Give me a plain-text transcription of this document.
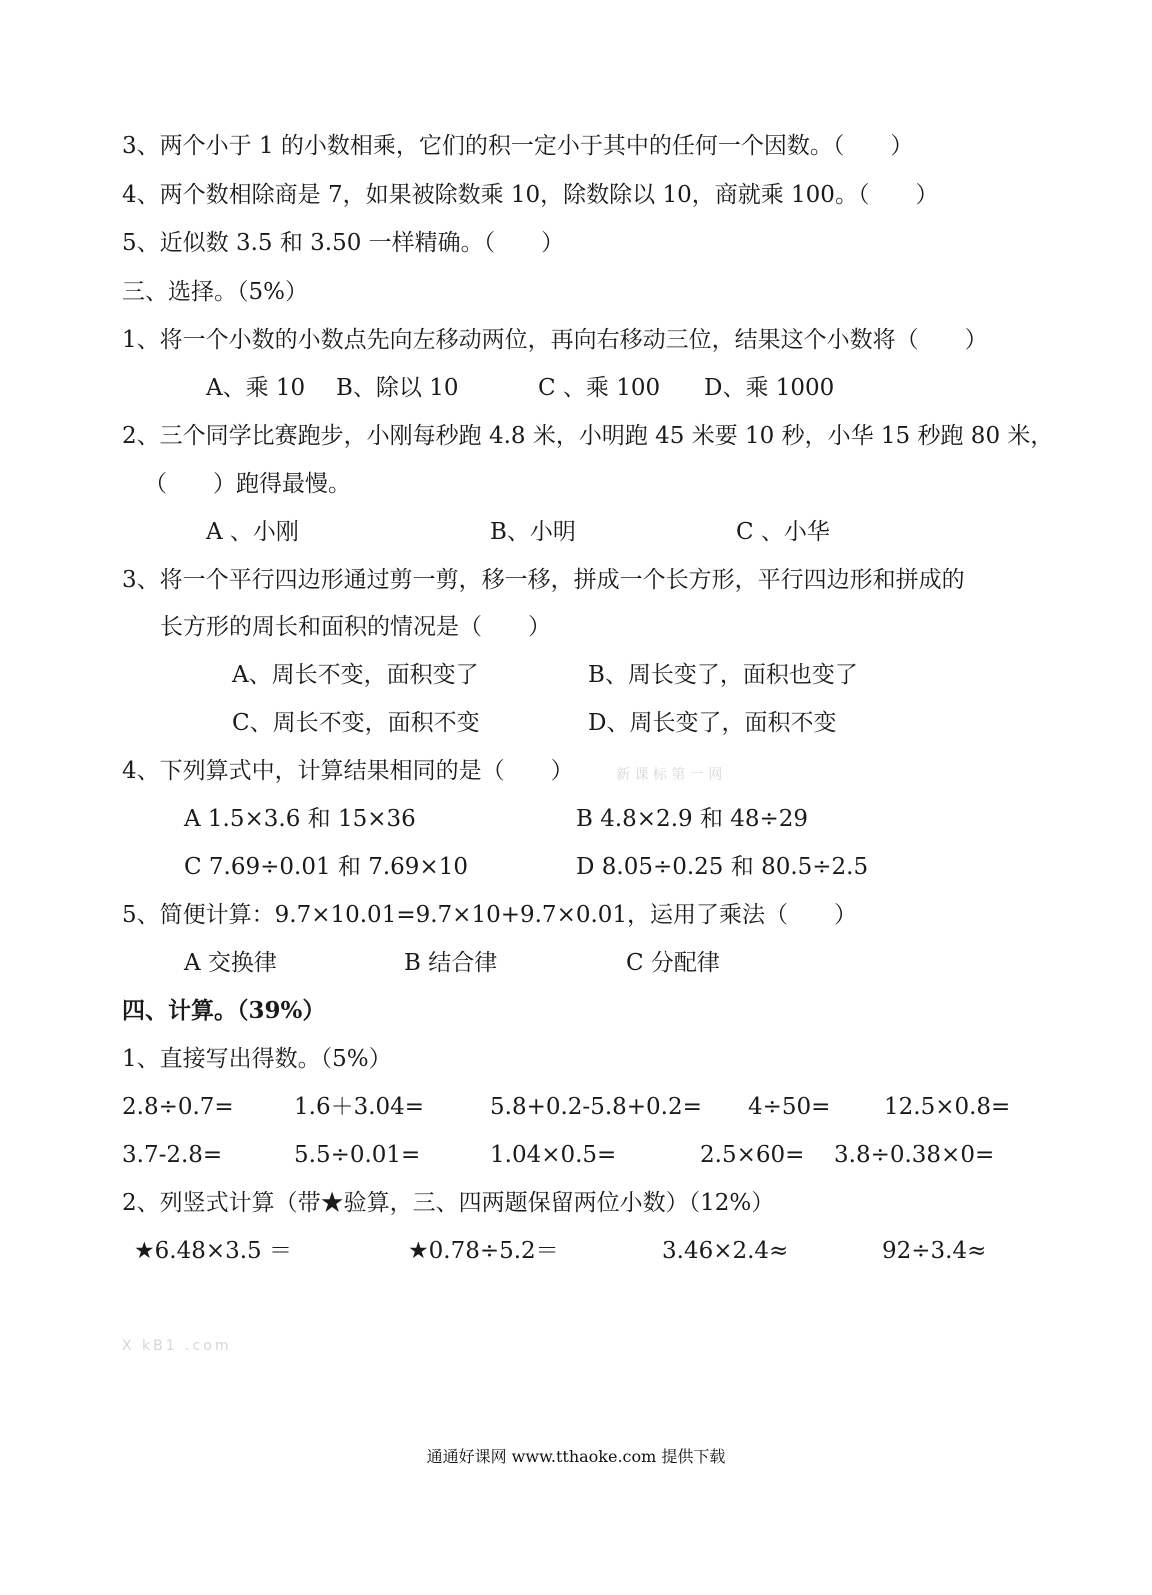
3、两个小于 1 的小数相乘，它们的积一定小于其中的任何一个因数。（　　）
4、两个数相除商是 7，如果被除数乘 10，除数除以 10，商就乘 100。（　　）
5、近似数 3.5 和 3.50 一样精确。（　　）
三、选择。（5%）
1、将一个小数的小数点先向左移动两位，再向右移动三位，结果这个小数将（　　）
A、乘 10 B、除以 10	C 、乘 100 D、乘 1000
2、三个同学比赛跑步，小刚每秒跑 4.8 米，小明跑 45 米要 10 秒，小华 15 秒跑 80 米，
（　　）跑得最慢。
A 、小刚	B、小明	C 、小华
3、将一个平行四边形通过剪一剪，移一移，拼成一个长方形，平行四边形和拼成的
长方形的周长和面积的情况是（　　）
A、周长不变，面积变了	B、周长变了，面积也变了
C、周长不变，面积不变	D、周长变了，面积不变
4、下列算式中，计算结果相同的是（　　）	新 课 标 第 一 网
A 1.5×3.6 和 15×36	B 4.8×2.9 和 48÷29
C 7.69÷0.01 和 7.69×10	D 8.05÷0.25 和 80.5÷2.5
5、简便计算：9.7×10.01=9.7×10+9.7×0.01，运用了乘法（　　）
A 交换律	B 结合律	C 分配律
四、计算。（39%）
1、直接写出得数。（5%）
2.8÷0.7=	1.6＋3.04=	5.8+0.2-5.8+0.2= 4÷50= 12.5×0.8=
3.7-2.8=	5.5÷0.01=	1.04×0.5=	2.5×60= 3.8÷0.38×0=
2、列竖式计算（带★验算，三、四两题保留两位小数）（12%）
★6.48×3.5 ＝	★0.78÷5.2＝	3.46×2.4≈	92÷3.4≈
X kB1 .com
通通好课网 www.tthaoke.com 提供下载
